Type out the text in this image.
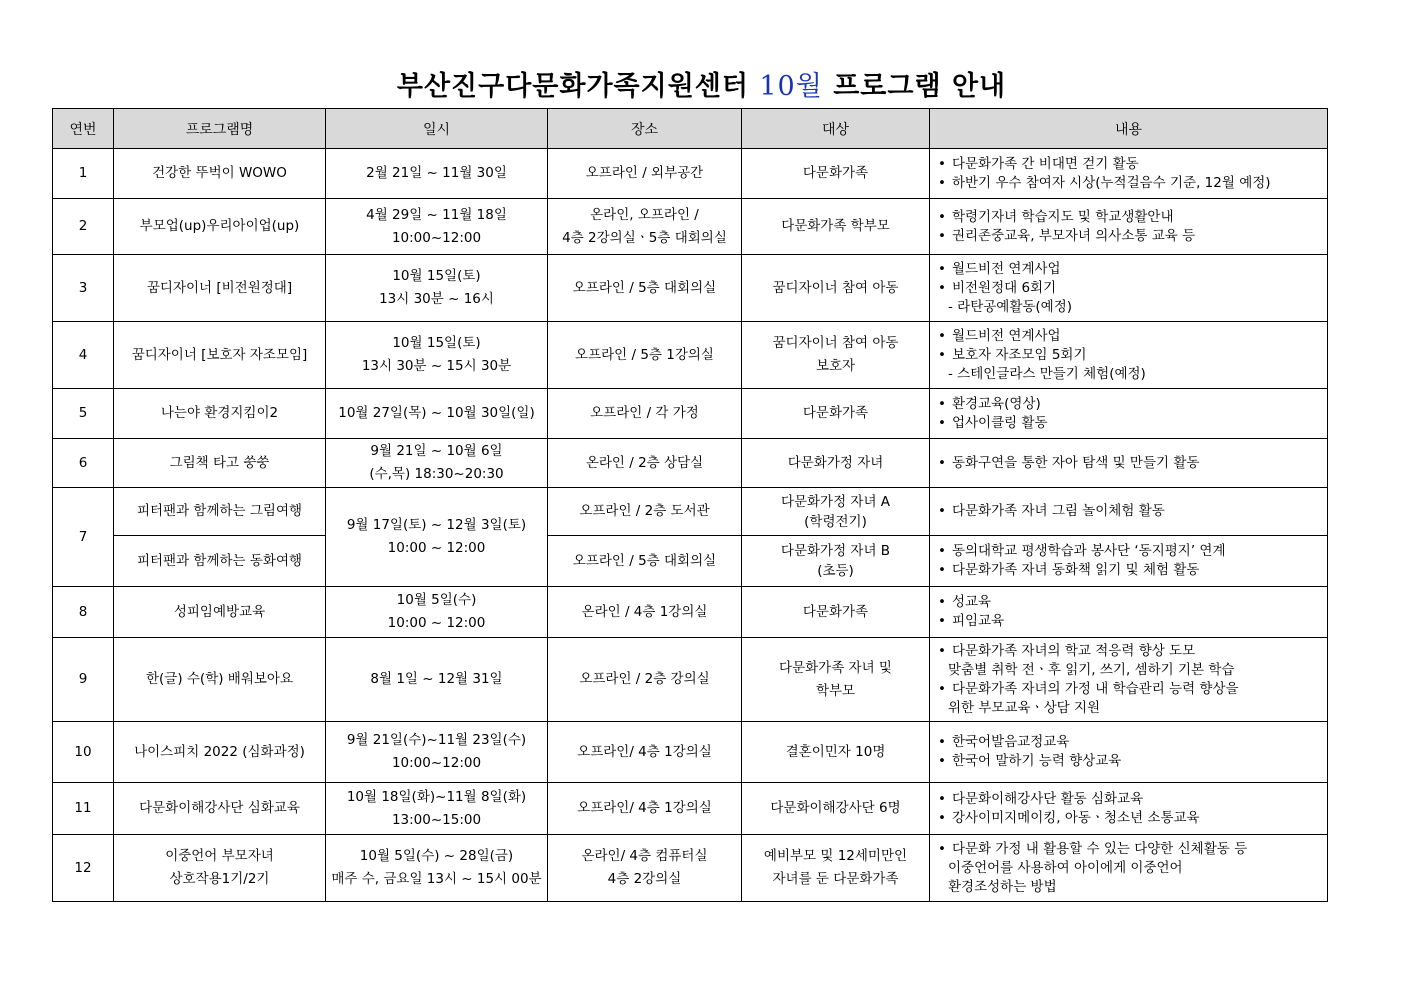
부산진구다문화가족지원센터 10월 프로그램 안내
연번	프로그램명	일시	장소	대상	내용

1	건강한 뚜벅이 WOWO	2월 21일 ~ 11월 30일	오프라인 / 외부공간	다문화가족	• 다문화가족 간 비대면 걷기 활동
• 하반기 우수 참여자 시상(누적걸음수 기준, 12월 예정)

2	부모업(up)우리아이업(up)	4월 29일 ~ 11월 18일
10:00~12:00	온라인, 오프라인 /
4층 2강의실ㆍ5층 대회의실	다문화가족 학부모	• 학령기자녀 학습지도 및 학교생활안내
• 권리존중교육, 부모자녀 의사소통 교육 등

3	꿈디자이너 [비전원정대]	10월 15일(토)
13시 30분 ~ 16시	오프라인 / 5층 대회의실	꿈디자이너 참여 아동	• 월드비전 연계사업
• 비전원정대 6회기
- 라탄공예활동(예정)

4	꿈디자이너 [보호자 자조모임]	10월 15일(토)
13시 30분 ~ 15시 30분	오프라인 / 5층 1강의실	꿈디자이너 참여 아동
보호자	• 월드비전 연계사업
• 보호자 자조모임 5회기
- 스테인글라스 만들기 체험(예정)

5	나는야 환경지킴이2	10월 27일(목) ~ 10월 30일(일)	오프라인 / 각 가정	다문화가족	• 환경교육(영상)
• 업사이클링 활동

6	그림책 타고 쑹쑹	9월 21일 ~ 10월 6일
(수,목) 18:30~20:30	온라인 / 2층 상담실	다문화가정 자녀	• 동화구연을 통한 자아 탐색 및 만들기 활동

7	피터팬과 함께하는 그림여행	9월 17일(토) ~ 12월 3일(토)
10:00 ~ 12:00	오프라인 / 2층 도서관	다문화가정 자녀 A
(학령전기)	• 다문화가족 자녀 그림 놀이체험 활동

	피터팬과 함께하는 동화여행		오프라인 / 5층 대회의실	다문화가정 자녀 B
(초등)	• 동의대학교 평생학습과 봉사단 ‘동지평지’ 연계
• 다문화가족 자녀 동화책 읽기 및 체험 활동

8	성피임예방교육	10월 5일(수)
10:00 ~ 12:00	온라인 / 4층 1강의실	다문화가족	• 성교육
• 피임교육

9	한(글) 수(학) 배워보아요	8월 1일 ~ 12월 31일	오프라인 / 2층 강의실	다문화가족 자녀 및
학부모	• 다문화가족 자녀의 학교 적응력 향상 도모
맞춤별 취학 전ㆍ후 읽기, 쓰기, 셈하기 기본 학습
• 다문화가족 자녀의 가정 내 학습관리 능력 향상을
위한 부모교육ㆍ상담 지원

10	나이스피치 2022 (심화과정)	9월 21일(수)~11월 23일(수)
10:00~12:00	오프라인/ 4층 1강의실	결혼이민자 10명	• 한국어발음교정교육
• 한국어 말하기 능력 향상교육

11	다문화이해강사단 심화교육	10월 18일(화)~11월 8일(화)
13:00~15:00	오프라인/ 4층 1강의실	다문화이해강사단 6명	• 다문화이해강사단 활동 심화교육
• 강사이미지메이킹, 아동ㆍ청소년 소통교육

12	이중언어 부모자녀
상호작용1기/2기	10월 5일(수) ~ 28일(금)
매주 수, 금요일 13시 ~ 15시 00분	온라인/ 4층 컴퓨터실
4층 2강의실	예비부모 및 12세미만인
자녀를 둔 다문화가족	• 다문화 가정 내 활용할 수 있는 다양한 신체활동 등
이중언어를 사용하여 아이에게 이중언어
환경조성하는 방법
